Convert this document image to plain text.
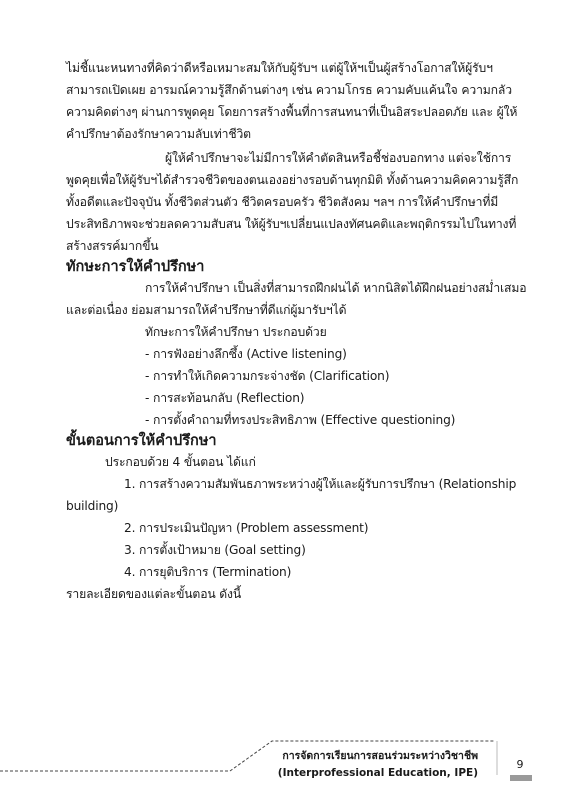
ไม่ชี้แนะหนทางที่คิดว่าดีหรือเหมาะสมให้กับผู้รับฯ แต่ผู้ให้ฯเป็นผู้สร้างโอกาสให้ผู้รับฯ
สามารถเปิดเผย อารมณ์ความรู้สึกด้านต่างๆ เช่น ความโกรธ ความคับแค้นใจ ความกลัว
ความคิดต่างๆ ผ่านการพูดคุย โดยการสร้างพื้นที่การสนทนาที่เป็นอิสระปลอดภัย และ ผู้ให้
คำปรึกษาต้องรักษาความลับเท่าชีวิต
ผู้ให้คำปรึกษาจะไม่มีการให้คำตัดสินหรือชี้ช่องบอกทาง แต่จะใช้การ
พูดคุยเพื่อให้ผู้รับฯได้สำรวจชีวิตของตนเองอย่างรอบด้านทุกมิติ ทั้งด้านความคิดความรู้สึก
ทั้งอดีตและปัจจุบัน ทั้งชีวิตส่วนตัว ชีวิตครอบครัว ชีวิตสังคม ฯลฯ การให้คำปรึกษาที่มี
ประสิทธิภาพจะช่วยลดความสับสน ให้ผู้รับฯเปลี่ยนแปลงทัศนคติและพฤติกรรมไปในทางที่
สร้างสรรค์มากขึ้น
ทักษะการให้คำปรึกษา
การให้คำปรึกษา เป็นสิ่งที่สามารถฝึกฝนได้ หากนิสิตได้ฝึกฝนอย่างสม่ำเสมอ
และต่อเนื่อง ย่อมสามารถให้คำปรึกษาที่ดีแก่ผู้มารับฯได้
ทักษะการให้คำปรึกษา ประกอบด้วย
- การฟังอย่างลึกซึ้ง (Active listening)
- การทำให้เกิดความกระจ่างชัด (Clarification)
- การสะท้อนกลับ (Reflection)
- การตั้งคำถามที่ทรงประสิทธิภาพ (Effective questioning)
ขั้นตอนการให้คำปรึกษา
ประกอบด้วย 4 ขั้นตอน ได้แก่
1. การสร้างความสัมพันธภาพระหว่างผู้ให้และผู้รับการปรึกษา (Relationship
building)
2. การประเมินปัญหา (Problem assessment)
3. การตั้งเป้าหมาย (Goal setting)
4. การยุติบริการ (Termination)
รายละเอียดของแต่ละขั้นตอน ดังนี้
การจัดการเรียนการสอนร่วมระหว่างวิชาชีพ
(Interprofessional Education, IPE)
9
